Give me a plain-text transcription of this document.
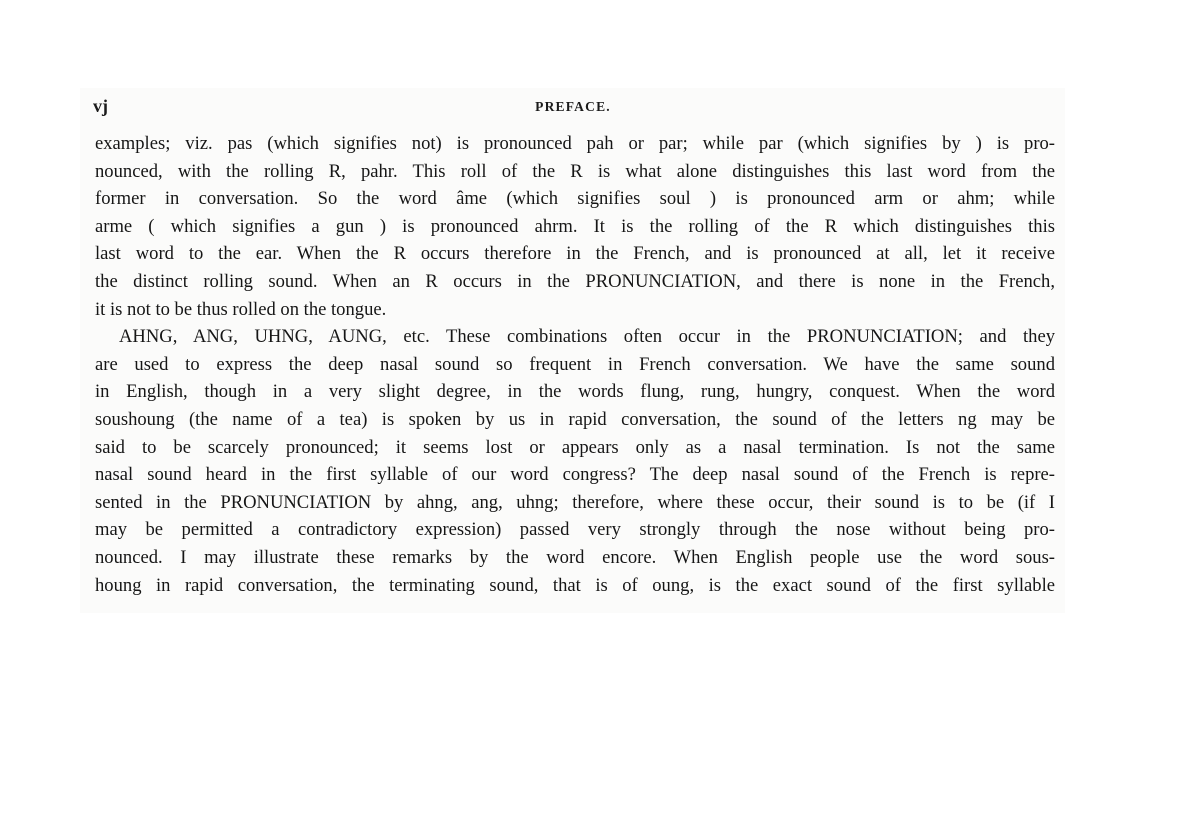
vj	PREFACE.
examples; viz. pas (which signifies not) is pronounced pah or par; while par (which signifies by ) is pro-
nounced, with the rolling R, pahr. This roll of the R is what alone distinguishes this last word from the
former in conversation. So the word âme (which signifies soul ) is pronounced arm or ahm; while
arme ( which signifies a gun ) is pronounced ahrm. It is the rolling of the R which distinguishes this
last word to the ear. When the R occurs therefore in the French, and is pronounced at all, let it receive
the distinct rolling sound. When an R occurs in the PRONUNCIATION, and there is none in the French,
it is not to be thus rolled on the tongue.
AHNG, ANG, UHNG, AUNG, etc. These combinations often occur in the PRONUNCIATION; and they
are used to express the deep nasal sound so frequent in French conversation. We have the same sound
in English, though in a very slight degree, in the words flung, rung, hungry, conquest. When the word
soushoung (the name of a tea) is spoken by us in rapid conversation, the sound of the letters ng may be
said to be scarcely pronounced; it seems lost or appears only as a nasal termination. Is not the same
nasal sound heard in the first syllable of our word congress? The deep nasal sound of the French is repre-
sented in the PRONUNCIATION by ahng, ang, uhng; therefore, where these occur, their sound is to be (if I
may be permitted a contradictory expression) passed very strongly through the nose without being pro-
nounced. I may illustrate these remarks by the word encore. When English people use the word sous-
houng in rapid conversation, the terminating sound, that is of oung, is the exact sound of the first syllable
